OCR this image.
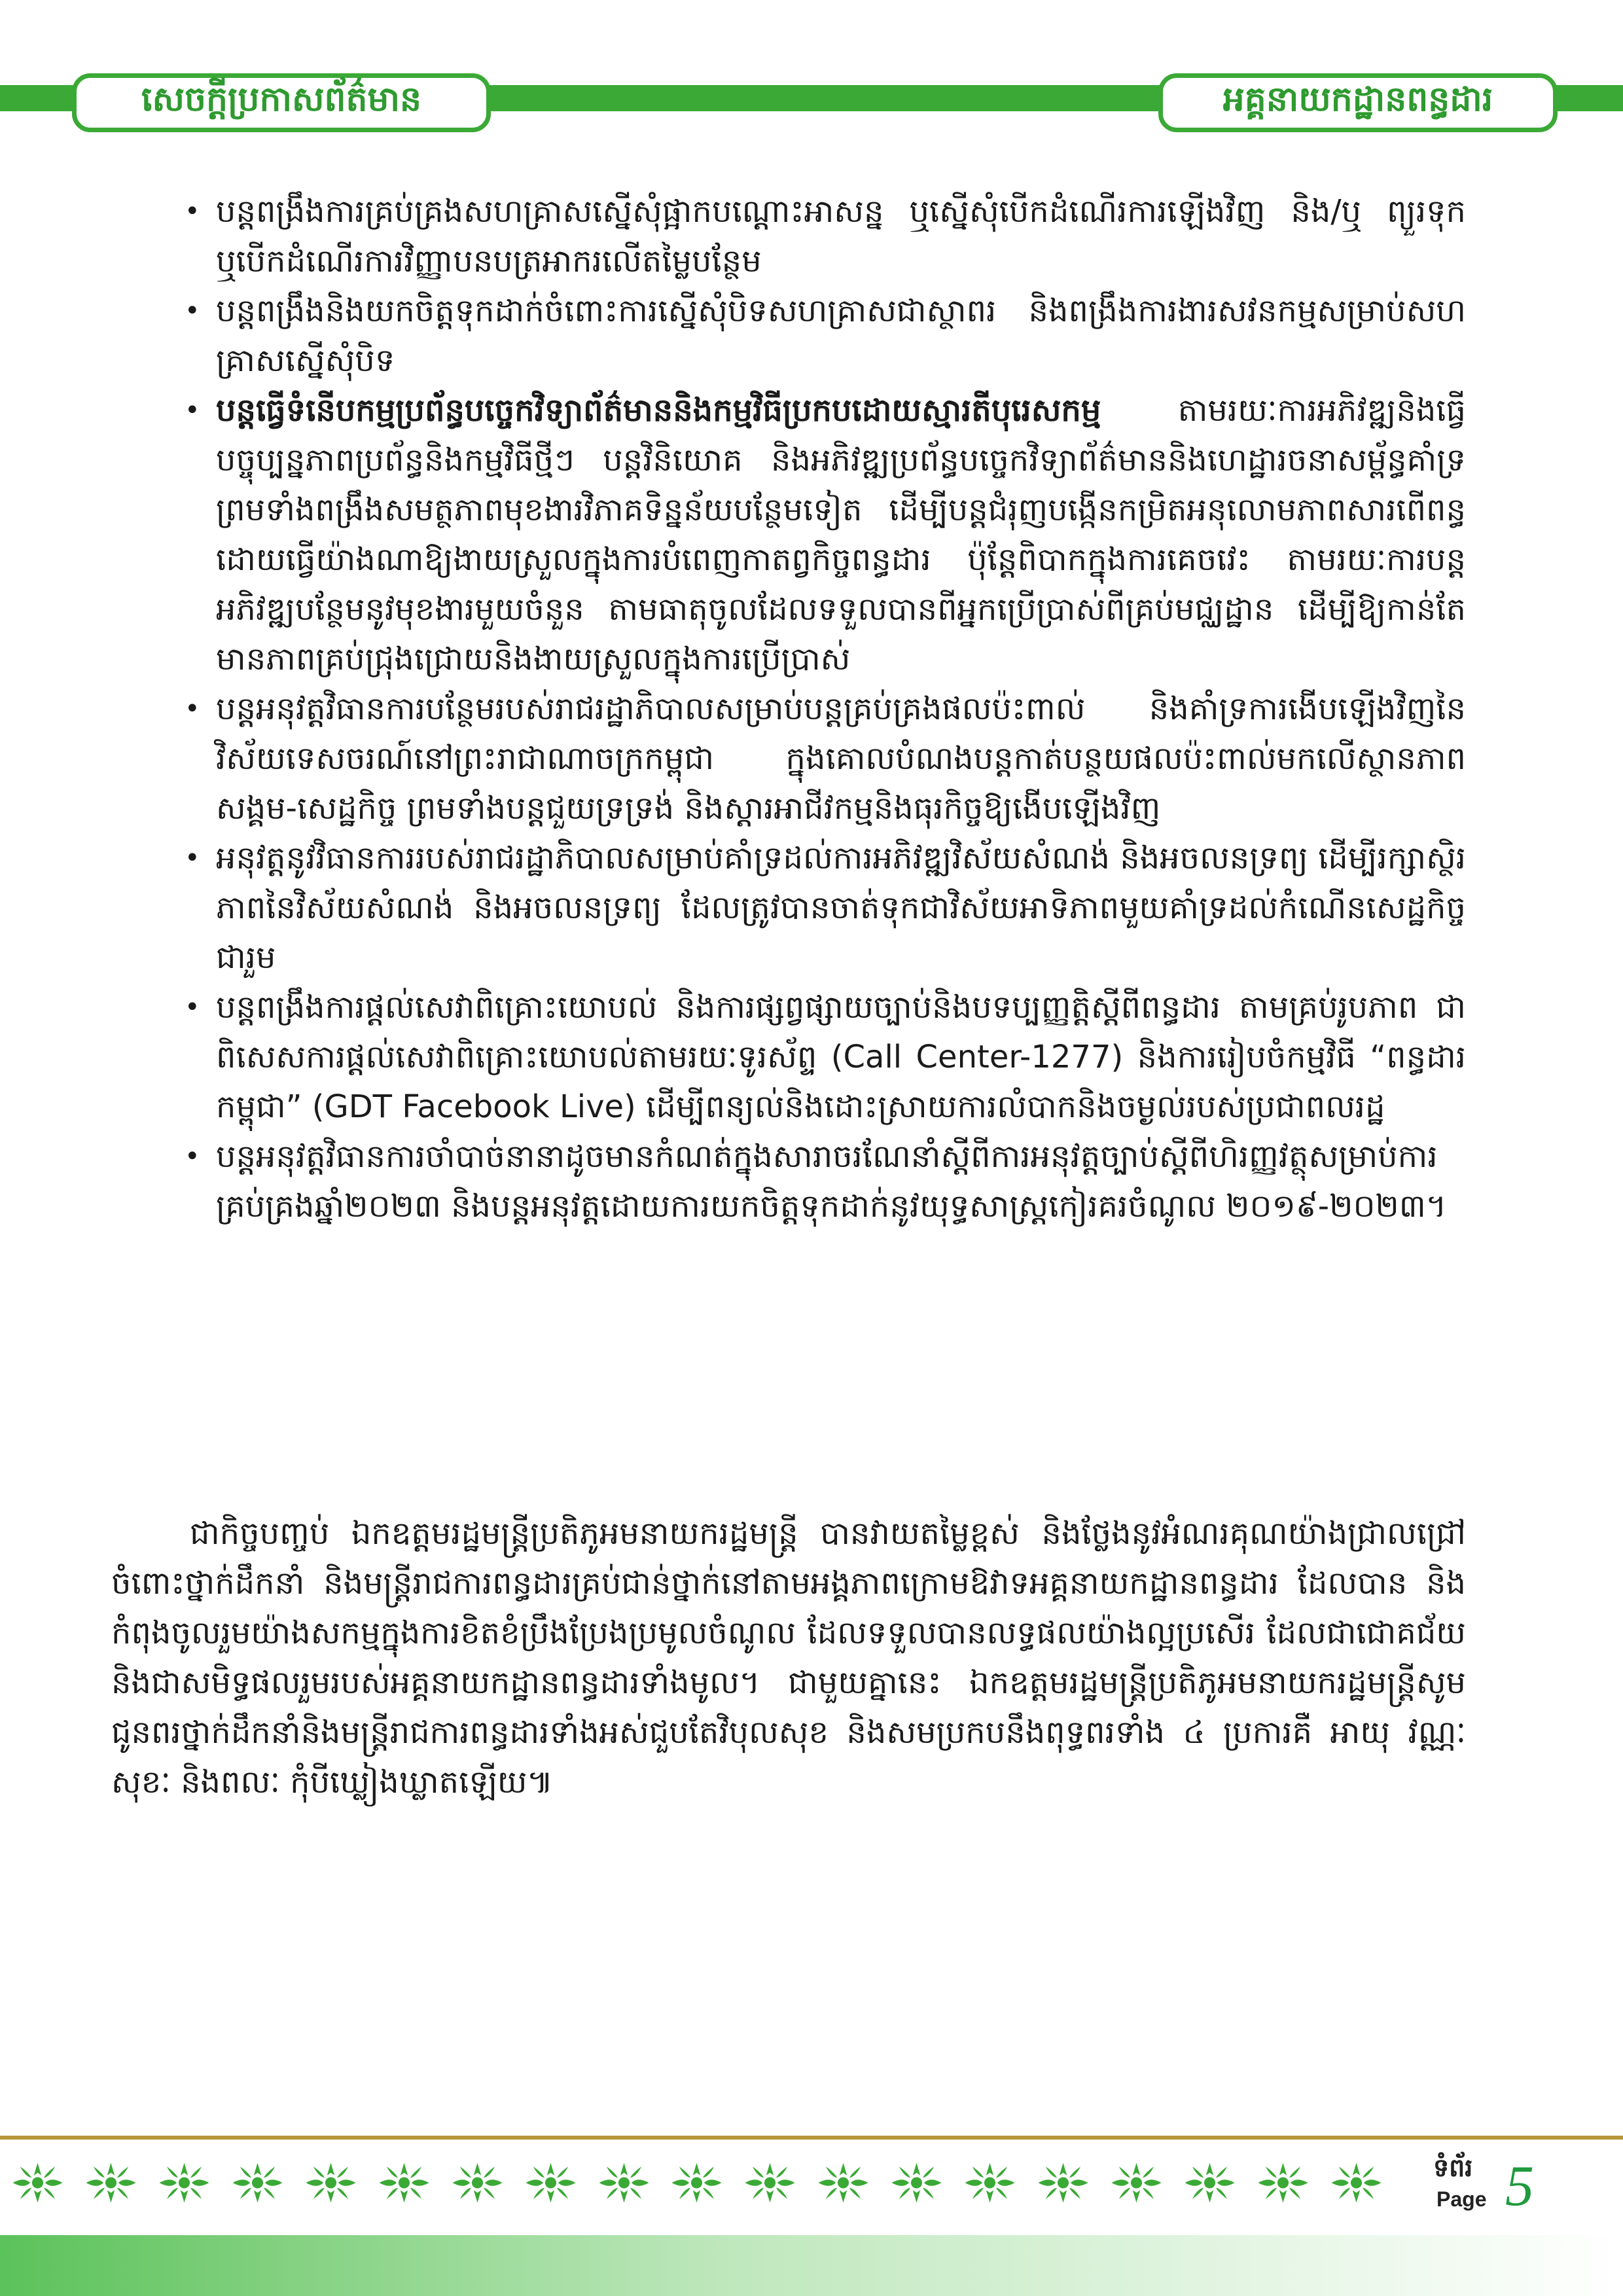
សេចក្តីប្រកាសព័ត៌មាន	អគ្គនាយកដ្ឋានពន្ធដារ
• បន្តពង្រឹងការគ្រប់គ្រងសហគ្រាសស្នើសុំផ្អាកបណ្តោះអាសន្ន ឬស្នើសុំបើកដំណើរការឡើងវិញ និង/ឬ ព្យួរទុក ឬបើកដំណើរការវិញ្ញាបនបត្រអាករលើតម្លៃបន្ថែម
• បន្តពង្រឹងនិងយកចិត្តទុកដាក់ចំពោះការស្នើសុំបិទសហគ្រាសជាស្ថាពរ និងពង្រឹងការងារសវនកម្មសម្រាប់សហគ្រាសស្នើសុំបិទ
• បន្តធ្វើទំនើបកម្មប្រព័ន្ធបច្ចេកវិទ្យាព័ត៌មាននិងកម្មវិធីប្រកបដោយស្មារតីបុរេសកម្ម តាមរយៈការអភិវឌ្ឍនិងធ្វើបច្ចុប្បន្នភាពប្រព័ន្ធនិងកម្មវិធីថ្មីៗ បន្តវិនិយោគ និងអភិវឌ្ឍប្រព័ន្ធបច្ចេកវិទ្យាព័ត៌មាននិងហេដ្ឋារចនាសម្ព័ន្ធគាំទ្រ ព្រមទាំងពង្រឹងសមត្ថភាពមុខងារវិភាគទិន្នន័យបន្ថែមទៀត ដើម្បីបន្តជំរុញបង្កើនកម្រិតអនុលោមភាពសារពើពន្ធ ដោយធ្វើយ៉ាងណាឱ្យងាយស្រួលក្នុងការបំពេញកាតព្វកិច្ចពន្ធដារ ប៉ុន្តែពិបាកក្នុងការគេចវេះ តាមរយៈការបន្តអភិវឌ្ឍបន្ថែមនូវមុខងារមួយចំនួន តាមធាតុចូលដែលទទួលបានពីអ្នកប្រើប្រាស់ពីគ្រប់មជ្ឈដ្ឋាន ដើម្បីឱ្យកាន់តែមានភាពគ្រប់ជ្រុងជ្រោយនិងងាយស្រួលក្នុងការប្រើប្រាស់
• បន្តអនុវត្តវិធានការបន្ថែមរបស់រាជរដ្ឋាភិបាលសម្រាប់បន្តគ្រប់គ្រងផលប៉ះពាល់ និងគាំទ្រការងើបឡើងវិញនៃវិស័យទេសចរណ៍នៅព្រះរាជាណាចក្រកម្ពុជា ក្នុងគោលបំណងបន្តកាត់បន្ថយផលប៉ះពាល់មកលើស្ថានភាពសង្គម-សេដ្ឋកិច្ច ព្រមទាំងបន្តជួយទ្រទ្រង់ និងស្តារអាជីវកម្មនិងធុរកិច្ចឱ្យងើបឡើងវិញ
• អនុវត្តនូវវិធានការរបស់រាជរដ្ឋាភិបាលសម្រាប់គាំទ្រដល់ការអភិវឌ្ឍវិស័យសំណង់ និងអចលនទ្រព្យ ដើម្បីរក្សាស្ថិរភាពនៃវិស័យសំណង់ និងអចលនទ្រព្យ ដែលត្រូវបានចាត់ទុកជាវិស័យអាទិភាពមួយគាំទ្រដល់កំណើនសេដ្ឋកិច្ចជារួម
• បន្តពង្រឹងការផ្តល់សេវាពិគ្រោះយោបល់ និងការផ្សព្វផ្សាយច្បាប់និងបទប្បញ្ញត្តិស្តីពីពន្ធដារ តាមគ្រប់រូបភាព ជាពិសេសការផ្តល់សេវាពិគ្រោះយោបល់តាមរយៈទូរស័ព្ទ (Call Center-1277) និងការរៀបចំកម្មវិធី “ពន្ធដារកម្ពុជា” (GDT Facebook Live) ដើម្បីពន្យល់និងដោះស្រាយការលំបាកនិងចម្ងល់របស់ប្រជាពលរដ្ឋ
• បន្តអនុវត្តវិធានការចាំបាច់នានាដូចមានកំណត់ក្នុងសារាចរណែនាំស្តីពីការអនុវត្តច្បាប់ស្តីពីហិរញ្ញវត្ថុសម្រាប់ការគ្រប់គ្រងឆ្នាំ២០២៣ និងបន្តអនុវត្តដោយការយកចិត្តទុកដាក់នូវយុទ្ធសាស្ត្រកៀរគរចំណូល ២០១៩-២០២៣។
ជាកិច្ចបញ្ចប់ ឯកឧត្តមរដ្ឋមន្ត្រីប្រតិភូអមនាយករដ្ឋមន្ត្រី បានវាយតម្លៃខ្ពស់ និងថ្លែងនូវអំណរគុណយ៉ាងជ្រាលជ្រៅចំពោះថ្នាក់ដឹកនាំ និងមន្ត្រីរាជការពន្ធដារគ្រប់ជាន់ថ្នាក់នៅតាមអង្គភាពក្រោមឱវាទអគ្គនាយកដ្ឋានពន្ធដារ ដែលបាន និងកំពុងចូលរួមយ៉ាងសកម្មក្នុងការខិតខំប្រឹងប្រែងប្រមូលចំណូល ដែលទទួលបានលទ្ធផលយ៉ាងល្អប្រសើរ ដែលជាជោគជ័យនិងជាសមិទ្ធផលរួមរបស់អគ្គនាយកដ្ឋានពន្ធដារទាំងមូល។ ជាមួយគ្នានេះ ឯកឧត្តមរដ្ឋមន្ត្រីប្រតិភូអមនាយករដ្ឋមន្ត្រីសូមជូនពរថ្នាក់ដឹកនាំនិងមន្ត្រីរាជការពន្ធដារទាំងអស់ជួបតែវិបុលសុខ និងសមប្រកបនឹងពុទ្ធពរទាំង ៤ ប្រការគឺ អាយុ វណ្ណៈ សុខៈ និងពលៈ កុំបីឃ្លៀងឃ្លាតឡើយ៕
ទំព័រ
Page 5
